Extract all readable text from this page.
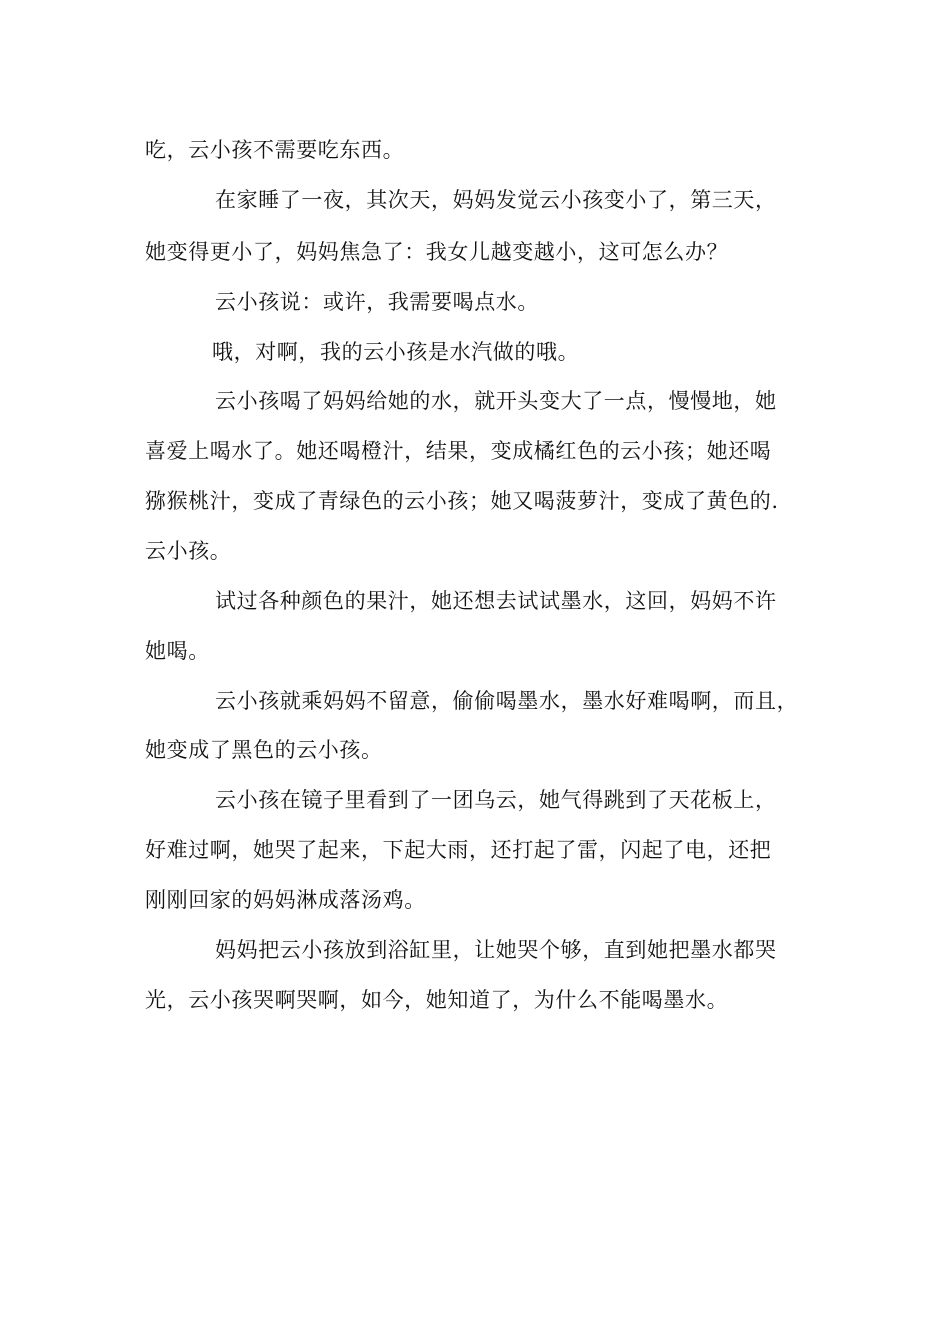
吃，云小孩不需要吃东西。
在家睡了一夜，其次天，妈妈发觉云小孩变小了，第三天，
她变得更小了，妈妈焦急了：我女儿越变越小，这可怎么办？
云小孩说：或许，我需要喝点水。
哦，对啊，我的云小孩是水汽做的哦。
云小孩喝了妈妈给她的水，就开头变大了一点，慢慢地，她
喜爱上喝水了。她还喝橙汁，结果，变成橘红色的云小孩；她还喝
猕猴桃汁，变成了青绿色的云小孩；她又喝菠萝汁，变成了黄色的.
云小孩。
试过各种颜色的果汁，她还想去试试墨水，这回，妈妈不许
她喝。
云小孩就乘妈妈不留意，偷偷喝墨水，墨水好难喝啊，而且，
她变成了黑色的云小孩。
云小孩在镜子里看到了一团乌云，她气得跳到了天花板上，
好难过啊，她哭了起来，下起大雨，还打起了雷，闪起了电，还把
刚刚回家的妈妈淋成落汤鸡。
妈妈把云小孩放到浴缸里，让她哭个够，直到她把墨水都哭
光，云小孩哭啊哭啊，如今，她知道了，为什么不能喝墨水。
